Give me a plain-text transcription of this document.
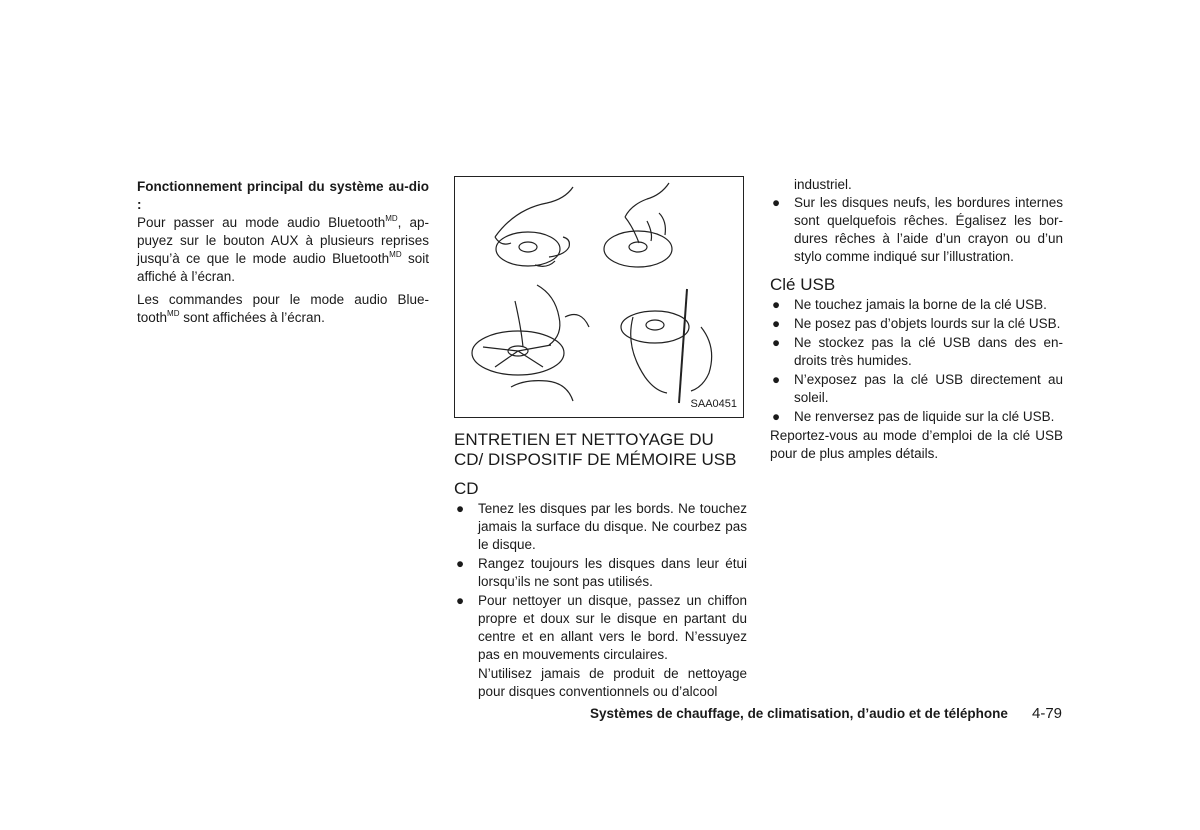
Fonctionnement principal du système au-dio :

Pour passer au mode audio Bluetooth$^{MD}$, ap-puyez sur le bouton AUX à plusieurs reprises jusqu’à ce que le mode audio Bluetooth$^{MD}$ soit affiché à l’écran.

Les commandes pour le mode audio Blue-tooth$^{MD}$ sont affichées à l’écran.

SAA0451

ENTRETIEN ET NETTOYAGE DU CD/ DISPOSITIF DE MÉMOIRE USB

CD

● Tenez les disques par les bords. Ne touchez jamais la surface du disque. Ne courbez pas le disque.
● Rangez toujours les disques dans leur étui lorsqu’ils ne sont pas utilisés.
● Pour nettoyer un disque, passez un chiffon propre et doux sur le disque en partant du centre et en allant vers le bord. N’essuyez pas en mouvements circulaires.

N’utilisez jamais de produit de nettoyage pour disques conventionnels ou d’alcool

industriel.

● Sur les disques neufs, les bordures internes sont quelquefois rêches. Égalisez les bor-dures rêches à l’aide d’un crayon ou d’un stylo comme indiqué sur l’illustration.

Clé USB

● Ne touchez jamais la borne de la clé USB.
● Ne posez pas d’objets lourds sur la clé USB.
● Ne stockez pas la clé USB dans des en-droits très humides.
● N’exposez pas la clé USB directement au soleil.
● Ne renversez pas de liquide sur la clé USB.

Reportez-vous au mode d’emploi de la clé USB pour de plus amples détails.

Systèmes de chauffage, de climatisation, d’audio et de téléphone 4-79
